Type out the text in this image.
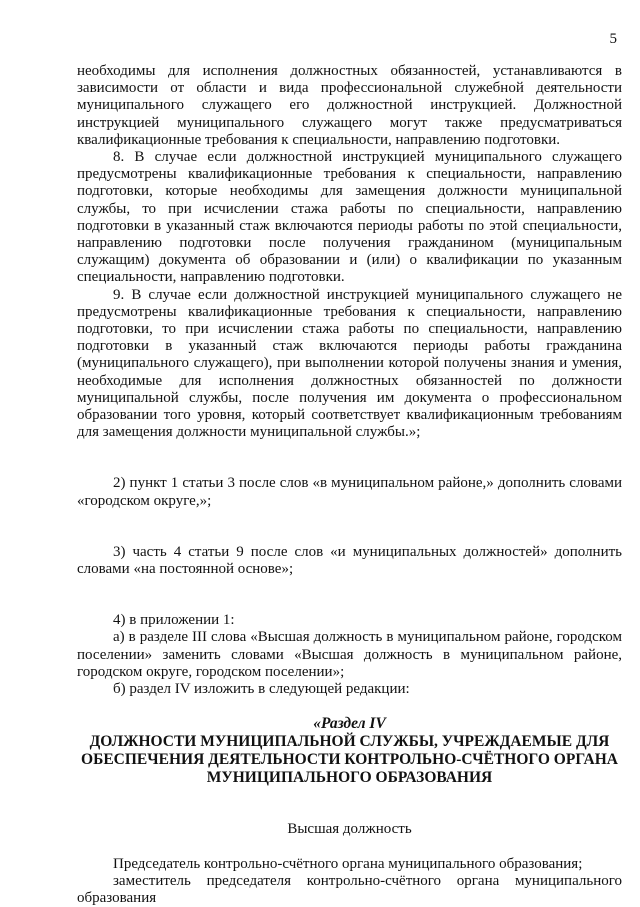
5

необходимы для исполнения должностных обязанностей, устанавливаются в зависимости от области и вида профессиональной служебной деятельности муниципального служащего его должностной инструкцией. Должностной инструкцией муниципального служащего могут также предусматриваться квалификационные требования к специальности, направлению подготовки.

8. В случае если должностной инструкцией муниципального служащего предусмотрены квалификационные требования к специальности, направлению подготовки, которые необходимы для замещения должности муниципальной службы, то при исчислении стажа работы по специальности, направлению подготовки в указанный стаж включаются периоды работы по этой специальности, направлению подготовки после получения гражданином (муниципальным служащим) документа об образовании и (или) о квалификации по указанным специальности, направлению подготовки.

9. В случае если должностной инструкцией муниципального служащего не предусмотрены квалификационные требования к специальности, направлению подготовки, то при исчислении стажа работы по специальности, направлению подготовки в указанный стаж включаются периоды работы гражданина (муниципального служащего), при выполнении которой получены знания и умения, необходимые для исполнения должностных обязанностей по должности муниципальной службы, после получения им документа о профессиональном образовании того уровня, который соответствует квалификационным требованиям для замещения должности муниципальной службы.»;

2) пункт 1 статьи 3 после слов «в муниципальном районе,» дополнить словами «городском округе,»;

3) часть 4 статьи 9 после слов «и муниципальных должностей» дополнить словами «на постоянной основе»;

4) в приложении 1:

а) в разделе III слова «Высшая должность в муниципальном районе, городском поселении» заменить словами «Высшая должность в муниципальном районе, городском округе, городском поселении»;

б) раздел IV изложить в следующей редакции:

«Раздел IV

ДОЛЖНОСТИ МУНИЦИПАЛЬНОЙ СЛУЖБЫ, УЧРЕЖДАЕМЫЕ ДЛЯ ОБЕСПЕЧЕНИЯ ДЕЯТЕЛЬНОСТИ КОНТРОЛЬНО-СЧЁТНОГО ОРГАНА МУНИЦИПАЛЬНОГО ОБРАЗОВАНИЯ

Высшая должность

Председатель контрольно-счётного органа муниципального образования;

заместитель председателя контрольно-счётного органа муниципального образования
